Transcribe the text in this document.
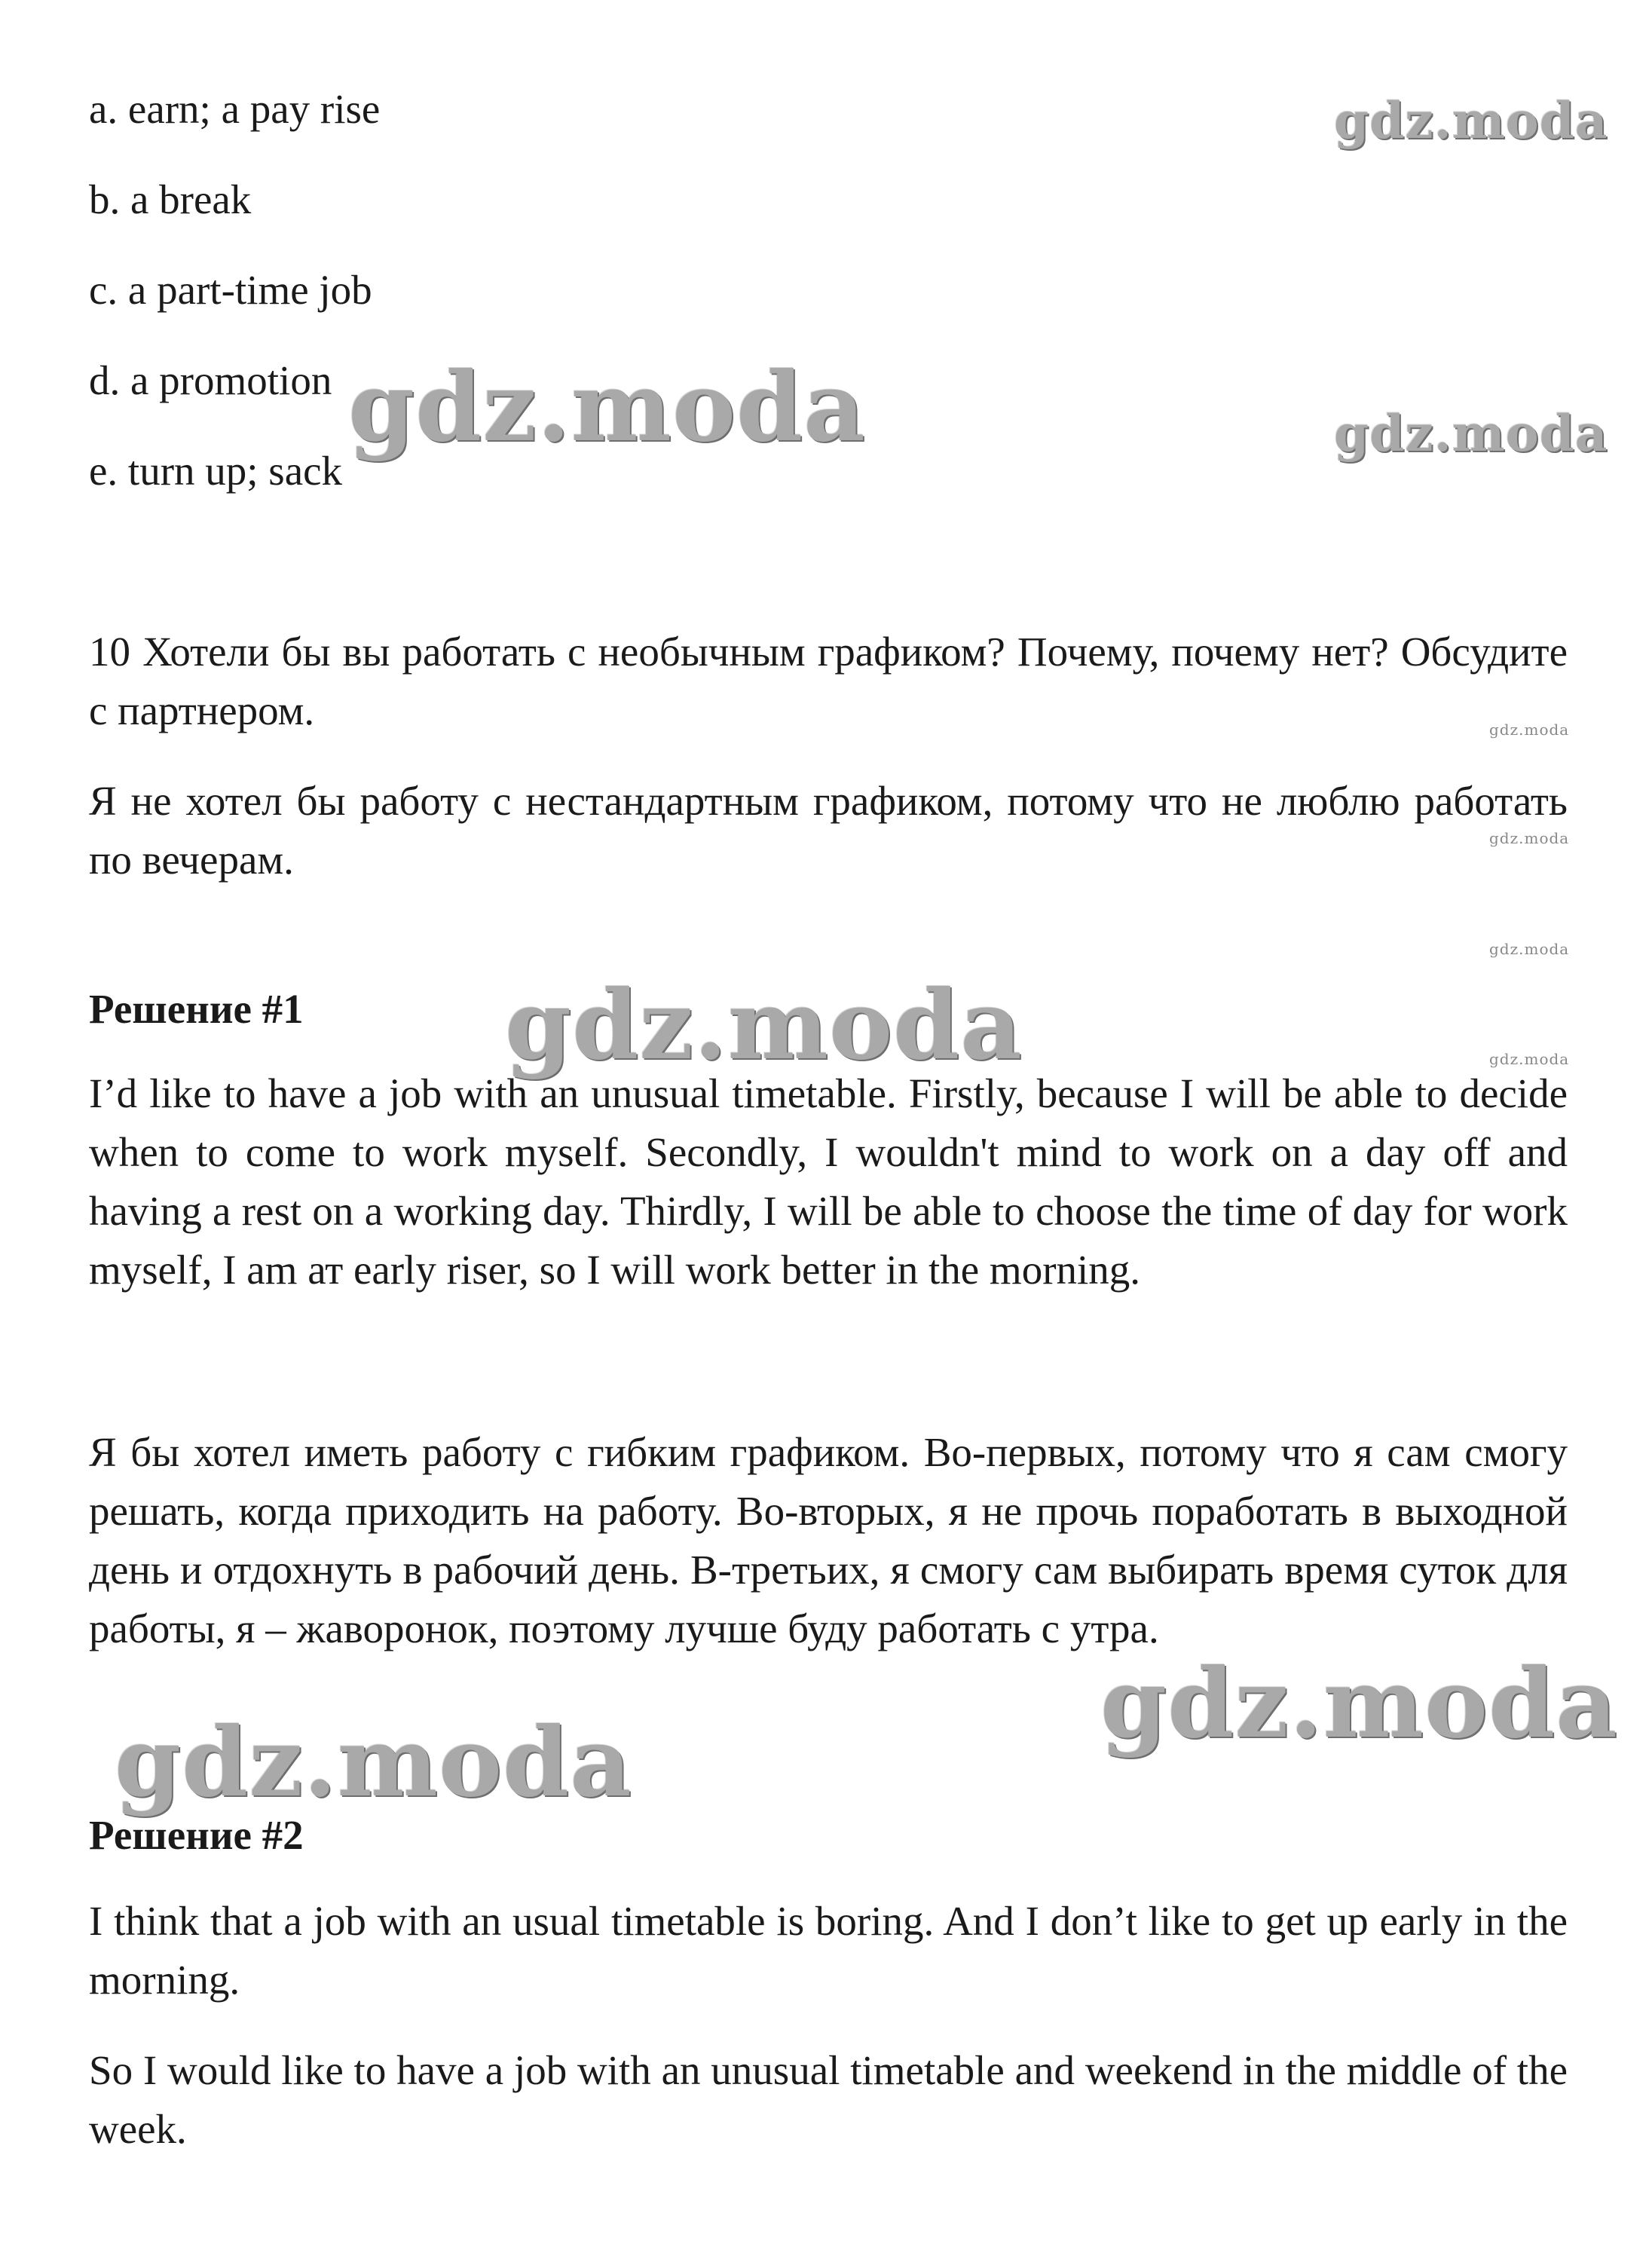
a. earn; a pay rise
b. a break
c. a part-time job
d. a promotion
e. turn up; sack

10 Хотели бы вы работать с необычным графиком? Почему, почему нет? Обсудите с партнером.

Я не хотел бы работу с нестандартным графиком, потому что не люблю работать по вечерам.

Решение #1

I’d like to have a job with an unusual timetable. Firstly, because I will be able to decide when to come to work myself. Secondly, I wouldn't mind to work on a day off and having a rest on a working day. Thirdly, I will be able to choose the time of day for work myself, I am ат early riser, so I will work better in the morning.

Я бы хотел иметь работу с гибким графиком. Во-первых, потому что я сам смогу решать, когда приходить на работу. Во-вторых, я не прочь поработать в выходной день и отдохнуть в рабочий день. В-третьих, я смогу сам выбирать время суток для работы, я – жаворонок, поэтому лучше буду работать с утра.

Решение #2

I think that a job with an usual timetable is boring. And I don’t like to get up early in the morning.

So I would like to have a job with an unusual timetable and weekend in the middle of the week.

gdz.moda
gdz.moda	gdz.moda
gdz.moda
gdz.moda
gdz.moda
gdz.moda	gdz.moda
gdz.moda
gdz.moda
